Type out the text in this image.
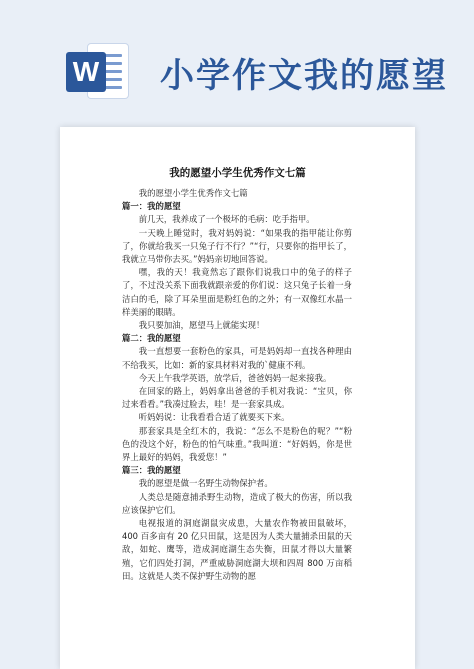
W 小学作文我的愿望
我的愿望小学生优秀作文七篇

我的愿望小学生优秀作文七篇

篇一：我的愿望

前几天，我养成了一个极坏的毛病：吃手指甲。

一天晚上睡觉时，我对妈妈说：“如果我的指甲能让你剪了，你就给我买一只兔子行不行？”“行，只要你的指甲长了，我就立马带你去买。”妈妈亲切地回答说。

嘿，我的天！我竟然忘了跟你们说我口中的兔子的样子了，不过没关系下面我就跟亲爱的你们说：这只兔子长着一身洁白的毛，除了耳朵里面是粉红色的之外；有一双像红水晶一样美丽的眼睛。

我只要加油，愿望马上就能实现！

篇二：我的愿望

我一直想要一套粉色的家具，可是妈妈却一直找各种理由不给我买，比如：新的家具材料对我的`健康不利。

今天上午我学英语，放学后，爸爸妈妈一起来接我。

在回家的路上，妈妈拿出爸爸的手机对我说：“宝贝，你过来看看。”我凑过脸去，哇！是一套家具成。

听妈妈说：让我看看合适了就要买下来。

那套家具是全红木的，我说：“怎么不是粉色的呢？”“粉色的没这个好，粉色的怕气味重。”我叫道：“好妈妈，你是世界上最好的妈妈，我爱您！”

篇三：我的愿望

我的愿望是做一名野生动物保护者。

人类总是随意捕杀野生动物，造成了极大的伤害，所以我应该保护它们。

电视报道的洞庭湖鼠灾成患，大量农作物被田鼠破坏，400 百多亩有 20 亿只田鼠，这是因为人类大量捕杀田鼠的天敌，如蛇、鹰等，造成洞庭湖生态失衡，田鼠才得以大量繁殖，它们四处打洞，严重威胁洞庭湖大坝和四周 800 万亩稻田。这就是人类不保护野生动物的愿
